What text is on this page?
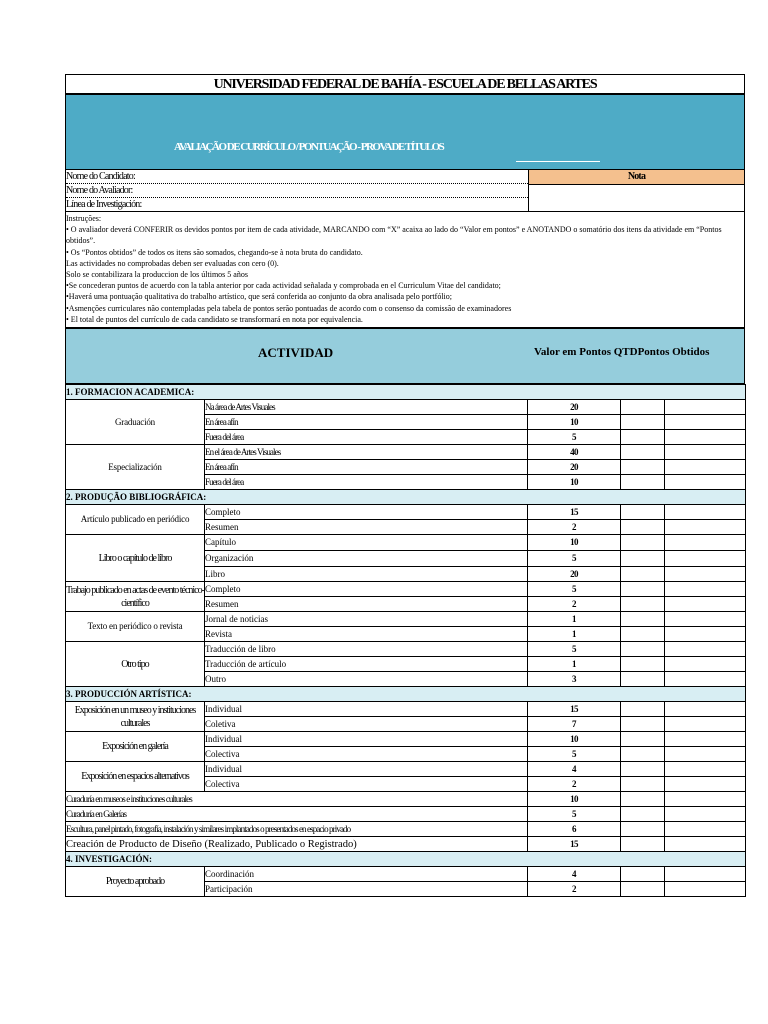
UNIVERSIDAD FEDERAL DE BAHÍA - ESCUELA DE BELLAS ARTES
AVALIAÇÃO DE CURRÍCULO / PONTUAÇÃO - PROVA DE TÍTULOS
Nome do Candidato:
Nome do Avaliador:
Línea de Investigación:
Nota
Instruções:
• O avaliador deverá CONFERIR os devidos pontos por item de cada atividade, MARCANDO com “X” acaixa ao lado do “Valor em pontos” e ANOTANDO o somatório dos itens da atividade em “Pontos obtidos”.
• Os “Pontos obtidos” de todos os itens são somados, chegando-se à nota bruta do candidato.
Las actividades no comprobadas deben ser evaluadas con cero (0).
Solo se contabilizara la produccion de los últimos 5 años
•Se concederan puntos de acuerdo con la tabla anterior por cada actividad señalada y comprobada en el Curriculum Vitae del candidato;
•Haverá uma pontuação qualitativa do trabalho artístico, que será conferida ao conjunto da obra analisada pelo portfólio;
•Asmenções curriculares não contempladas pela tabela de pontos serão pontuadas de acordo com o consenso da comissão de examinadores
• El total de puntos del currículo de cada candidato se transformará en nota por equivalencia.
ACTIVIDAD	Valor em Pontos QTDPontos Obtidos
1. FORMACION ACADEMICA:				
Graduación	Na área de Artes Visuales	20		
	En área afín	10		
	Fuera del área	5		
Especialización	En el área de Artes Visuales	40		
	En área afín	20		
	Fuera del área	10		
2. PRODUÇÃO BIBLIOGRÁFICA:				
Artículo publicado en periódico	Completo	15		
	Resumen	2		
Libro o capítulo de libro	Capítulo	10		
	Organización	5		
	Libro	20		
Trabajo publicado en actas de evento técnico-científico	Completo	5		
	Resumen	2		
Texto en periódico o revista	Jornal de noticias	1		
	Revista	1		
Otro tipo	Traducción de libro	5		
	Traducción de artículo	1		
	Outro	3		
3. PRODUCCIÓN ARTÍSTICA:				
Exposición en un museo y instituciones culturales	Individual	15		
	Coletiva	7		
Exposición en galería	Individual	10		
	Colectiva	5		
Exposición en espacios alternativos	Individual	4		
	Colectiva	2		
Curaduría en museos e instituciones culturales		10		
Curaduría en Galerías		5		
Escultura, panel pintado, fotografía, instalación y similares implantados o presentados en espacio privado		6		
Creación de Producto de Diseño (Realizado, Publicado o Registrado)		15		
4. INVESTIGACIÓN:				
Proyecto aprobado	Coordinación	4		
	Participación	2		
